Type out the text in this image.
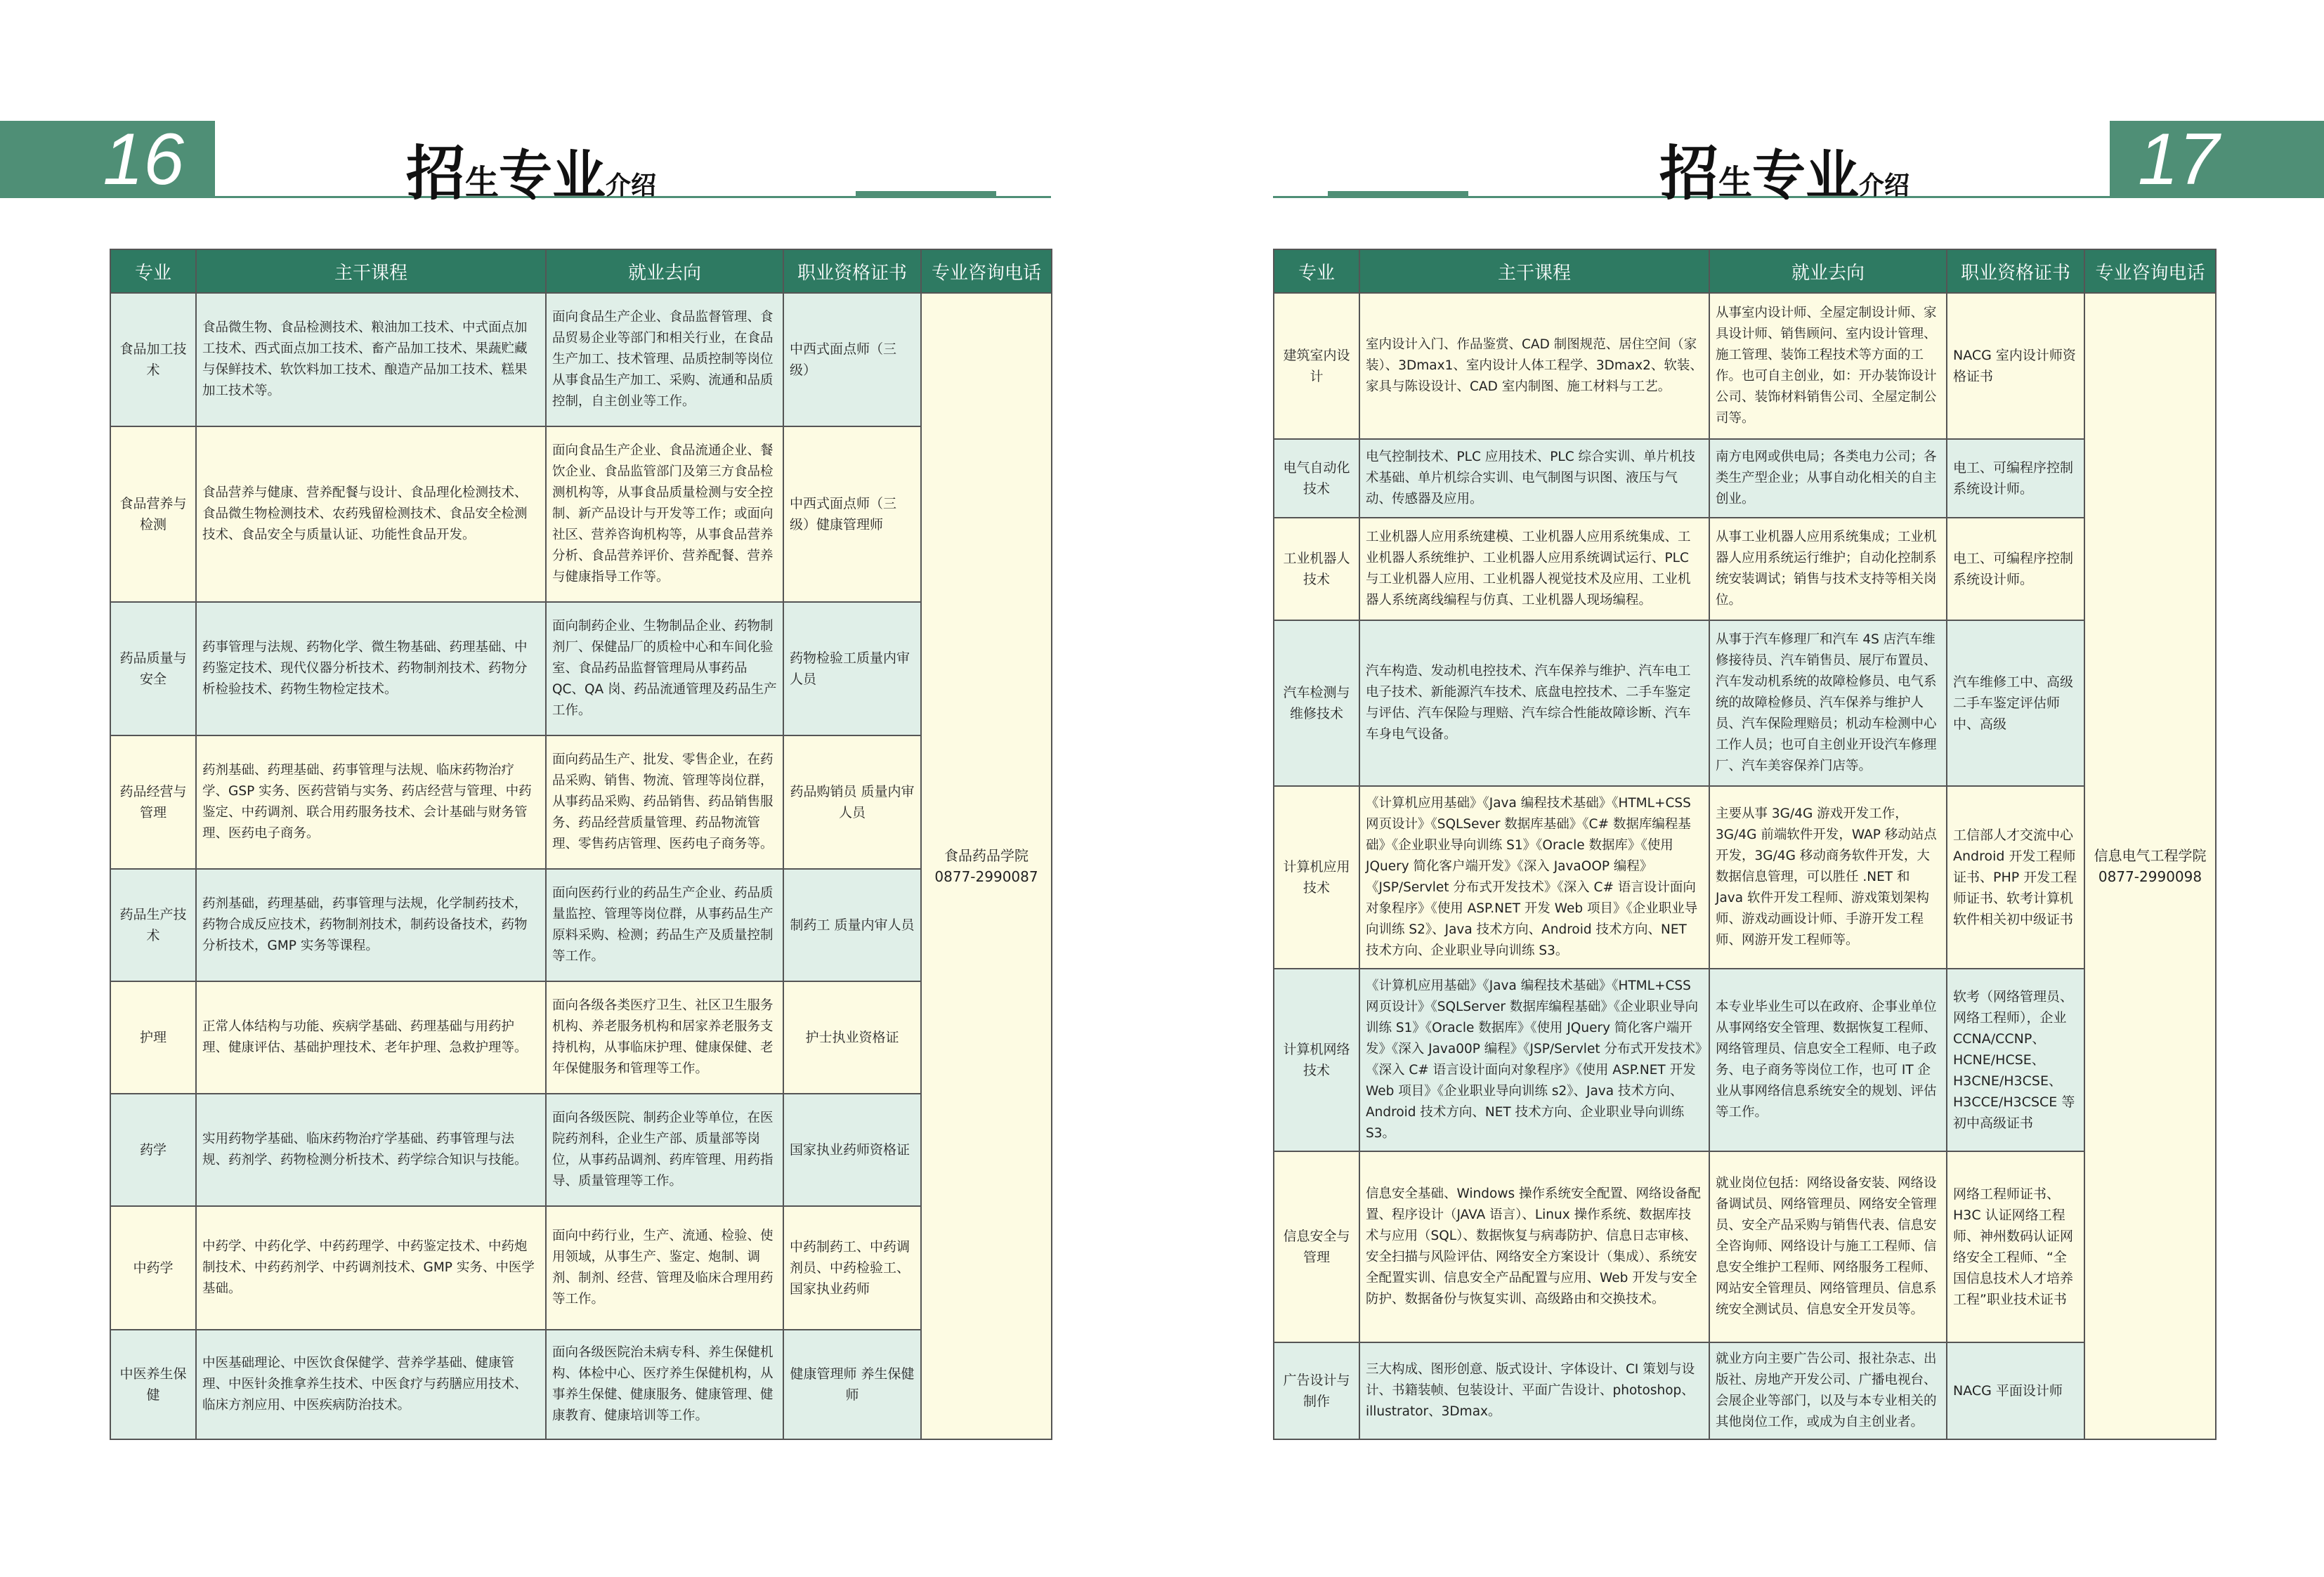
16	招生专业介绍
专业	主干课程	就业去向	职业资格证书	专业咨询电话
食品加工技术	食品微生物、食品检测技术、粮油加工技术、中式面点加工技术、西式面点加工技术、畜产品加工技术、果蔬贮藏与保鲜技术、软饮料加工技术、酿造产品加工技术、糕果加工技术等。	面向食品生产企业、食品监督管理、食品贸易企业等部门和相关行业，在食品生产加工、技术管理、品质控制等岗位从事食品生产加工、采购、流通和品质控制，自主创业等工作。	中西式面点师（三级）	食品药品学院
0877-2990087

食品营养与检测	食品营养与健康、营养配餐与设计、食品理化检测技术、食品微生物检测技术、农药残留检测技术、食品安全检测技术、食品安全与质量认证、功能性食品开发。	面向食品生产企业、食品流通企业、餐饮企业、食品监管部门及第三方食品检测机构等，从事食品质量检测与安全控制、新产品设计与开发等工作；或面向社区、营养咨询机构等，从事食品营养分析、食品营养评价、营养配餐、营养与健康指导工作等。	中西式面点师（三级）健康管理师	
药品质量与安全	药事管理与法规、药物化学、微生物基础、药理基础、中药鉴定技术、现代仪器分析技术、药物制剂技术、药物分析检验技术、药物生物检定技术。	面向制药企业、生物制品企业、药物制剂厂、保健品厂的质检中心和车间化验室、食品药品监督管理局从事药品 QC、QA 岗、药品流通管理及药品生产工作。	药物检验工质量内审人员	
药品经营与管理	药剂基础、药理基础、药事管理与法规、临床药物治疗学、GSP 实务、医药营销与实务、药店经营与管理、中药鉴定、中药调剂、联合用药服务技术、会计基础与财务管理、医药电子商务。	面向药品生产、批发、零售企业，在药品采购、销售、物流、管理等岗位群，从事药品采购、药品销售、药品销售服务、药品经营质量管理、药品物流管理、零售药店管理、医药电子商务等。	药品购销员 质量内审人员	
药品生产技术	药剂基础，药理基础，药事管理与法规，化学制药技术，药物合成反应技术，药物制剂技术，制药设备技术，药物分析技术，GMP 实务等课程。	面向医药行业的药品生产企业、药品质量监控、管理等岗位群，从事药品生产原料采购、检测；药品生产及质量控制等工作。	制药工 质量内审人员	
护理	正常人体结构与功能、疾病学基础、药理基础与用药护理、健康评估、基础护理技术、老年护理、急救护理等。	面向各级各类医疗卫生、社区卫生服务机构、养老服务机构和居家养老服务支持机构，从事临床护理、健康保健、老年保健服务和管理等工作。	护士执业资格证	
药学	实用药物学基础、临床药物治疗学基础、药事管理与法规、药剂学、药物检测分析技术、药学综合知识与技能。	面向各级医院、制药企业等单位，在医院药剂科，企业生产部、质量部等岗位，从事药品调剂、药库管理、用药指导、质量管理等工作。	国家执业药师资格证	
中药学	中药学、中药化学、中药药理学、中药鉴定技术、中药炮制技术、中药药剂学、中药调剂技术、GMP 实务、中医学基础。	面向中药行业，生产、流通、检验、使用领域，从事生产、鉴定、炮制、调剂、制剂、经营、管理及临床合理用药等工作。	中药制药工、中药调剂员、中药检验工、国家执业药师	
中医养生保健	中医基础理论、中医饮食保健学、营养学基础、健康管理、中医针灸推拿养生技术、中医食疗与药膳应用技术、临床方剂应用、中医疾病防治技术。	面向各级医院治未病专科、养生保健机构、体检中心、医疗养生保健机构，从事养生保健、健康服务、健康管理、健康教育、健康培训等工作。	健康管理师 养生保健师	
17
招生专业介绍
专业	主干课程	就业去向	职业资格证书	专业咨询电话
建筑室内设计	室内设计入门、作品鉴赏、CAD 制图规范、居住空间（家装）、3Dmax1、室内设计人体工程学、3Dmax2、软装、家具与陈设设计、CAD 室内制图、施工材料与工艺。	从事室内设计师、全屋定制设计师、家具设计师、销售顾问、室内设计管理、施工管理、装饰工程技术等方面的工作。也可自主创业，如：开办装饰设计公司、装饰材料销售公司、全屋定制公司等。	NACG 室内设计师资格证书	信息电气工程学院
0877-2990098

电气自动化技术	电气控制技术、PLC 应用技术、PLC 综合实训、单片机技术基础、单片机综合实训、电气制图与识图、液压与气动、传感器及应用。	南方电网或供电局；各类电力公司；各类生产型企业；从事自动化相关的自主创业。	电工、可编程序控制系统设计师。	
工业机器人技术	工业机器人应用系统建模、工业机器人应用系统集成、工业机器人系统维护、工业机器人应用系统调试运行、PLC 与工业机器人应用、工业机器人视觉技术及应用、工业机器人系统离线编程与仿真、工业机器人现场编程。	从事工业机器人应用系统集成；工业机器人应用系统运行维护；自动化控制系统安装调试；销售与技术支持等相关岗位。	电工、可编程序控制系统设计师。	
汽车检测与维修技术	汽车构造、发动机电控技术、汽车保养与维护、汽车电工电子技术、新能源汽车技术、底盘电控技术、二手车鉴定与评估、汽车保险与理赔、汽车综合性能故障诊断、汽车车身电气设备。	从事于汽车修理厂和汽车 4S 店汽车维修接待员、汽车销售员、展厅布置员、汽车发动机系统的故障检修员、电气系统的故障检修员、汽车保养与维护人员、汽车保险理赔员；机动车检测中心工作人员；也可自主创业开设汽车修理厂、汽车美容保养门店等。	汽车维修工中、高级 二手车鉴定评估师中、高级	
计算机应用技术	《计算机应用基础》《Java 编程技术基础》《HTML+CSS 网页设计》《SQLSever 数据库基础》《C# 数据库编程基础》《企业职业导向训练 S1》《Oracle 数据库》《使用 JQuery 简化客户端开发》《深入 JavaOOP 编程》《JSP/Servlet 分布式开发技术》《深入 C# 语言设计面向对象程序》《使用 ASP.NET 开发 Web 项目》《企业职业导向训练 S2》、Java 技术方向、Android 技术方向、NET 技术方向、企业职业导向训练 S3。	主要从事 3G/4G 游戏开发工作，3G/4G 前端软件开发，WAP 移动站点开发，3G/4G 移动商务软件开发，大数据信息管理，可以胜任 .NET 和 Java 软件开发工程师、游戏策划架构师、游戏动画设计师、手游开发工程师、网游开发工程师等。	工信部人才交流中心 Android 开发工程师证书、PHP 开发工程师证书、软考计算机软件相关初中级证书	
计算机网络技术	《计算机应用基础》《Java 编程技术基础》《HTML+CSS 网页设计》《SQLServer 数据库编程基础》《企业职业导向训练 S1》《Oracle 数据库》《使用 JQuery 简化客户端开发》《深入 Java00P 编程》《JSP/Servlet 分布式开发技术》《深入 C# 语言设计面向对象程序》《使用 ASP.NET 开发 Web 项目》《企业职业导向训练 s2》、Java 技术方向、Android 技术方向、NET 技术方向、企业职业导向训练 S3。	本专业毕业生可以在政府、企事业单位从事网络安全管理、数据恢复工程师、网络管理员、信息安全工程师、电子政务、电子商务等岗位工作，也可 IT 企业从事网络信息系统安全的规划、评估等工作。	软考（网络管理员、网络工程师），企业 CCNA/CCNP、HCNE/HCSE、H3CNE/H3CSE、H3CCE/H3CSCE 等初中高级证书	
信息安全与管理	信息安全基础、Windows 操作系统安全配置、网络设备配置、程序设计（JAVA 语言）、Linux 操作系统、数据库技术与应用（SQL）、数据恢复与病毒防护、信息日志审核、安全扫描与风险评估、网络安全方案设计（集成）、系统安全配置实训、信息安全产品配置与应用、Web 开发与安全防护、数据备份与恢复实训、高级路由和交换技术。	就业岗位包括：网络设备安装、网络设备调试员、网络管理员、网络安全管理员、安全产品采购与销售代表、信息安全咨询师、网络设计与施工工程师、信息安全维护工程师、网络服务工程师、网站安全管理员、网络管理员、信息系统安全测试员、信息安全开发员等。	网络工程师证书、H3C 认证网络工程师、神州数码认证网络安全工程师、“全国信息技术人才培养工程”职业技术证书	
广告设计与制作	三大构成、图形创意、版式设计、字体设计、CI 策划与设计、书籍装帧、包装设计、平面广告设计、photoshop、illustrator、3Dmax。	就业方向主要广告公司、报社杂志、出版社、房地产开发公司、广播电视台、会展企业等部门，以及与本专业相关的其他岗位工作，或成为自主创业者。	NACG 平面设计师	
